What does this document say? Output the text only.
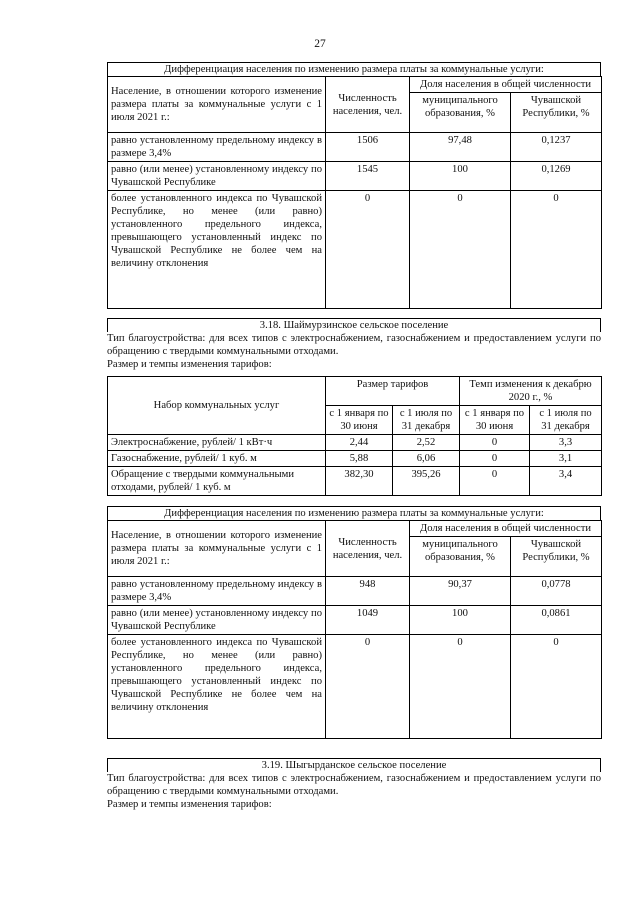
27
Дифференциация населения по изменению размера платы за коммунальные услуги:
Население, в отношении которого изменение размера платы за коммунальные услуги с 1 июля 2021 г.:	Численность населения, чел.	Доля населения в общей численности	
		муниципального образования, %	Чувашской Республики, %
равно установленному предельному индексу в размере 3,4%	1506	97,48	0,1237
равно (или менее) установленному индексу по Чувашской Республике	1545	100	0,1269
более установленного индекса по Чувашской Республике, но менее (или равно) установленного предельного индекса, превышающего установленный индекс по Чувашской Республике не более чем на величину отклонения	0	0	0
3.18. Шаймурзинское сельское поселение
Тип благоустройства: для всех типов с электроснабжением, газоснабжением и предоставлением услуги по обращению с твердыми коммунальными отходами.
Размер и темпы изменения тарифов:
Набор коммунальных услуг	Размер тарифов		Темп изменения к декабрю 2020 г., %	

	с 1 января по 30 июня	с 1 июля по 31 декабря	с 1 января по 30 июня	с 1 июля по 31 декабря
Электроснабжение, рублей/ 1 кВт·ч	2,44	2,52	0	3,3
Газоснабжение, рублей/ 1 куб. м	5,88	6,06	0	3,1
Обращение с твердыми коммунальными отходами, рублей/ 1 куб. м	382,30	395,26	0	3,4
Дифференциация населения по изменению размера платы за коммунальные услуги:
Население, в отношении которого изменение размера платы за коммунальные услуги с 1 июля 2021 г.:	Численность населения, чел.	Доля населения в общей численности	
		муниципального образования, %	Чувашской Республики, %
равно установленному предельному индексу в размере 3,4%	948	90,37	0,0778
равно (или менее) установленному индексу по Чувашской Республике	1049	100	0,0861
более установленного индекса по Чувашской Республике, но менее (или равно) установленного предельного индекса, превышающего установленный индекс по Чувашской Республике не более чем на величину отклонения	0	0	0
3.19. Шыгырданское сельское поселение
Тип благоустройства: для всех типов с электроснабжением, газоснабжением и предоставлением услуги по обращению с твердыми коммунальными отходами.
Размер и темпы изменения тарифов:
